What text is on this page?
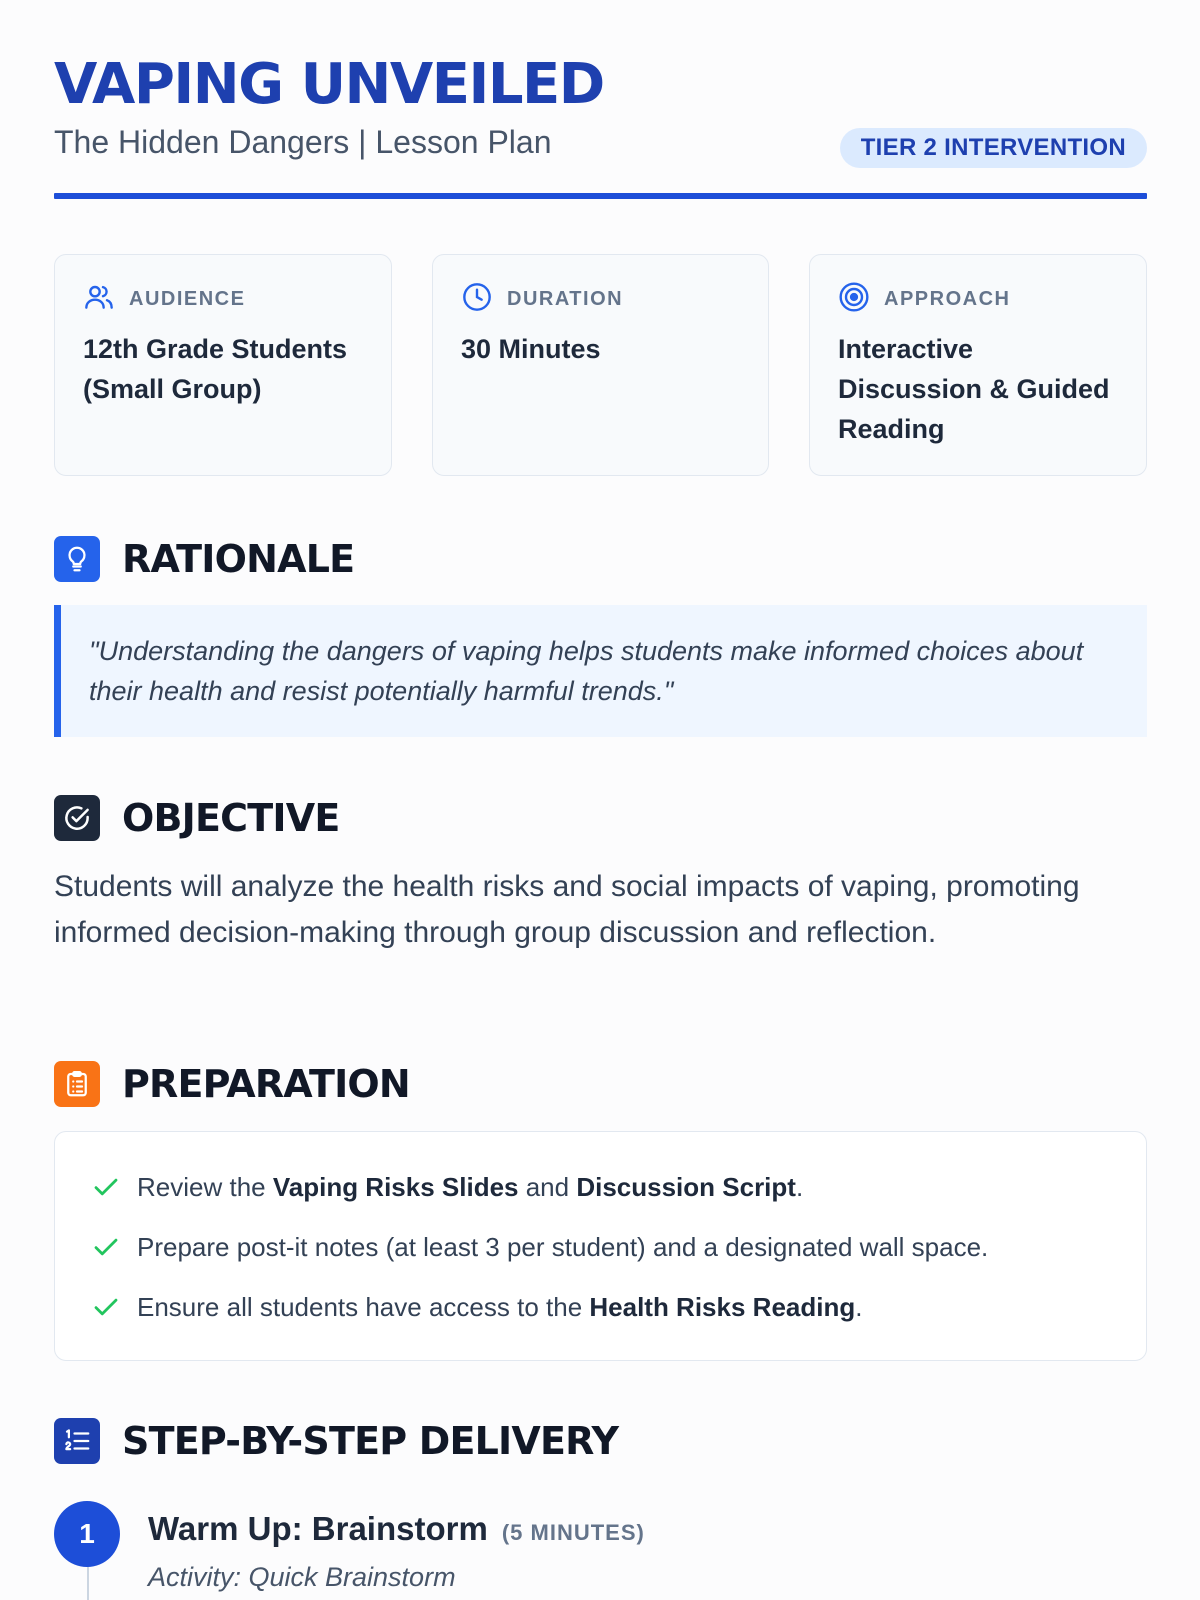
VAPING UNVEILED
The Hidden Dangers | Lesson Plan	TIER 2 INTERVENTION
AUDIENCE
12th Grade Students (Small Group)
DURATION
30 Minutes
APPROACH
Interactive Discussion & Guided Reading
RATIONALE
"Understanding the dangers of vaping helps students make informed choices about their health and resist potentially harmful trends."
OBJECTIVE
Students will analyze the health risks and social impacts of vaping, promoting informed decision-making through group discussion and reflection.
PREPARATION
Review the Vaping Risks Slides and Discussion Script.
Prepare post-it notes (at least 3 per student) and a designated wall space.
Ensure all students have access to the Health Risks Reading.
STEP-BY-STEP DELIVERY
1	Warm Up: Brainstorm (5 MINUTES)
Activity: Quick Brainstorm
